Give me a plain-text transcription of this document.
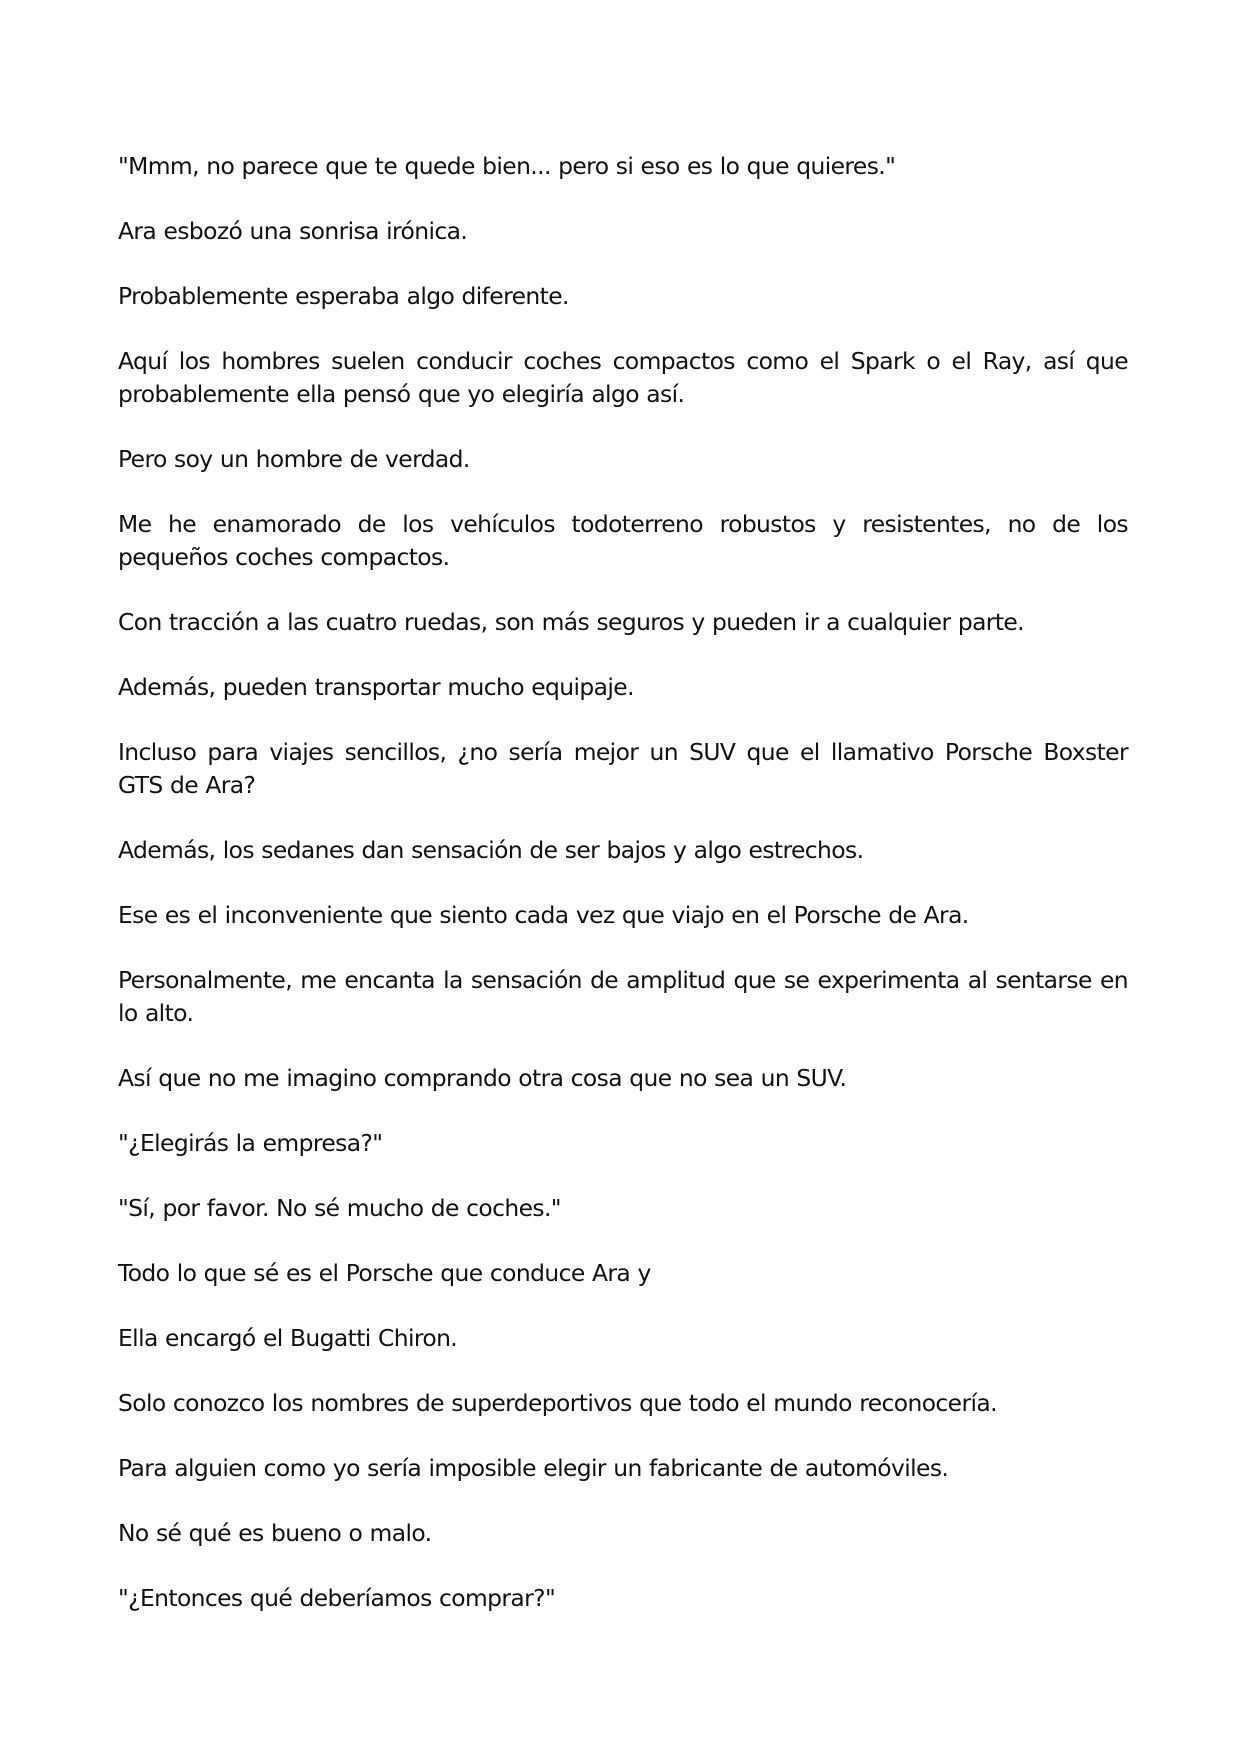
"Mmm, no parece que te quede bien... pero si eso es lo que quieres."

Ara esbozó una sonrisa irónica.

Probablemente esperaba algo diferente.

Aquí los hombres suelen conducir coches compactos como el Spark o el Ray, así que probablemente ella pensó que yo elegiría algo así.

Pero soy un hombre de verdad.

Me he enamorado de los vehículos todoterreno robustos y resistentes, no de los pequeños coches compactos.

Con tracción a las cuatro ruedas, son más seguros y pueden ir a cualquier parte.

Además, pueden transportar mucho equipaje.

Incluso para viajes sencillos, ¿no sería mejor un SUV que el llamativo Porsche Boxster GTS de Ara?

Además, los sedanes dan sensación de ser bajos y algo estrechos.

Ese es el inconveniente que siento cada vez que viajo en el Porsche de Ara.

Personalmente, me encanta la sensación de amplitud que se experimenta al sentarse en lo alto.

Así que no me imagino comprando otra cosa que no sea un SUV.

"¿Elegirás la empresa?"

"Sí, por favor. No sé mucho de coches."

Todo lo que sé es el Porsche que conduce Ara y

Ella encargó el Bugatti Chiron.

Solo conozco los nombres de superdeportivos que todo el mundo reconocería.

Para alguien como yo sería imposible elegir un fabricante de automóviles.

No sé qué es bueno o malo.

"¿Entonces qué deberíamos comprar?"
